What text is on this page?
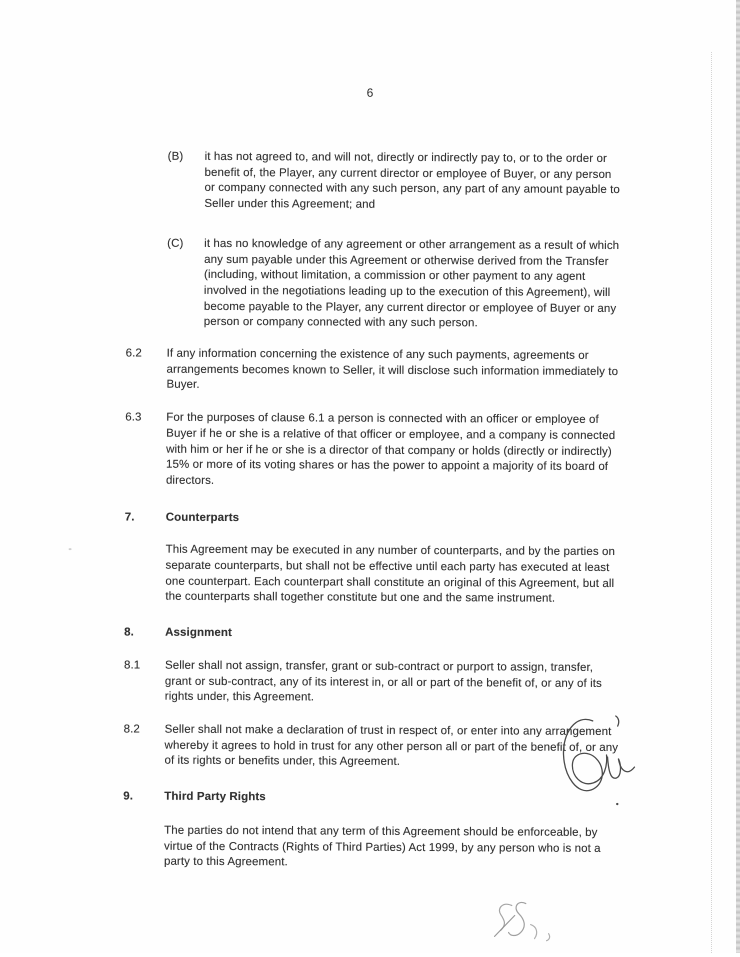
6
(B)	it has not agreed to, and will not, directly or indirectly pay to, or to the order or
benefit of, the Player, any current director or employee of Buyer, or any person
or company connected with any such person, any part of any amount payable to
Seller under this Agreement; and
(C)	it has no knowledge of any agreement or other arrangement as a result of which
any sum payable under this Agreement or otherwise derived from the Transfer
(including, without limitation, a commission or other payment to any agent
involved in the negotiations leading up to the execution of this Agreement), will
become payable to the Player, any current director or employee of Buyer or any
person or company connected with any such person.
6.2	If any information concerning the existence of any such payments, agreements or
arrangements becomes known to Seller, it will disclose such information immediately to
Buyer.
6.3	For the purposes of clause 6.1 a person is connected with an officer or employee of
Buyer if he or she is a relative of that officer or employee, and a company is connected
with him or her if he or she is a director of that company or holds (directly or indirectly)
15% or more of its voting shares or has the power to appoint a majority of its board of
directors.
7.	Counterparts
This Agreement may be executed in any number of counterparts, and by the parties on
separate counterparts, but shall not be effective until each party has executed at least
one counterpart. Each counterpart shall constitute an original of this Agreement, but all
the counterparts shall together constitute but one and the same instrument.
8.	Assignment
8.1	Seller shall not assign, transfer, grant or sub-contract or purport to assign, transfer,
grant or sub-contract, any of its interest in, or all or part of the benefit of, or any of its
rights under, this Agreement.
8.2	Seller shall not make a declaration of trust in respect of, or enter into any arrangement
whereby it agrees to hold in trust for any other person all or part of the benefit of, or any
of its rights or benefits under, this Agreement.
9.	Third Party Rights
The parties do not intend that any term of this Agreement should be enforceable, by
virtue of the Contracts (Rights of Third Parties) Act 1999, by any person who is not a
party to this Agreement.
